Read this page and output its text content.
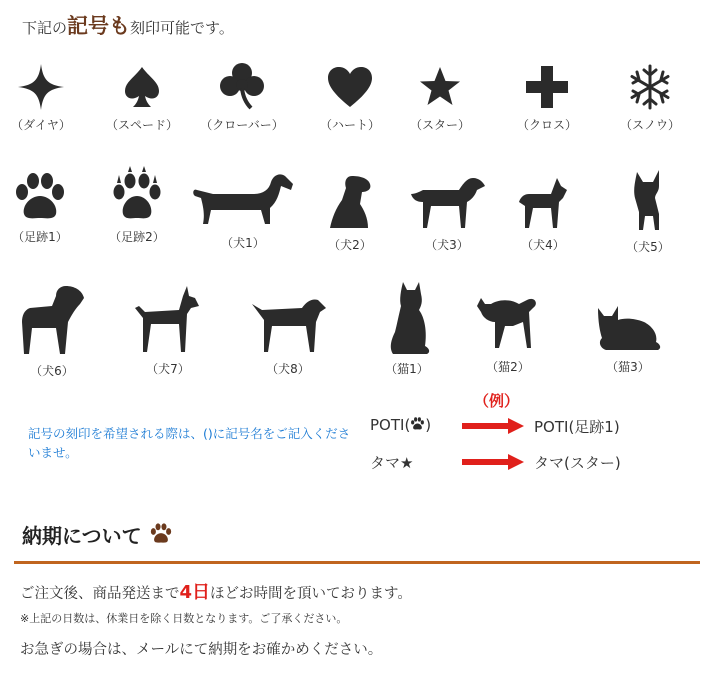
下記の記号も刻印可能です。
（ダイヤ）	（スペード）	（クローバー）	（ハート）	（スター）	（クロス）	（スノウ）
（足跡1）	（足跡2）	（犬1）	（犬2）	（犬3）	（犬4）	（犬5）
（犬6）	（犬7）	（犬8）	（猫1）	（猫2）	（猫3）
記号の刻印を希望される際は、()に記号名をご記入くださいませ。
（例）
POTI( )	POTI(足跡1)
タマ★	タマ(スター)
納期について
ご注文後、商品発送まで4日ほどお時間を頂いております。
※上記の日数は、休業日を除く日数となります。ご了承ください。
お急ぎの場合は、メールにて納期をお確かめください。
